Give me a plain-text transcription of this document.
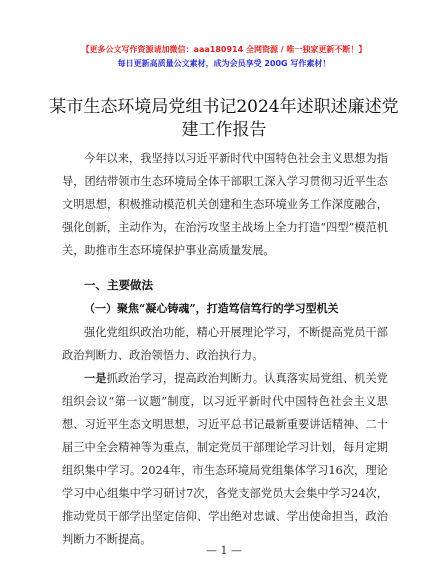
【更多公文写作资源请加微信：aaa180914 全网资源 / 唯一独家更新不断！】
每日更新高质量公文素材，成为会员享受 200G 写作素材！
某市生态环境局党组书记2024年述职述廉述党
建工作报告

今年以来，我坚持以习近平新时代中国特色社会主义思想为指导，团结带领市生态环境局全体干部职工深入学习贯彻习近平生态文明思想，积极推动模范机关创建和生态环境业务工作深度融合，强化创新，主动作为，在治污攻坚主战场上全力打造“四型”模范机关，助推市生态环境保护事业高质量发展。

一、主要做法
（一）聚焦“凝心铸魂”，打造笃信笃行的学习型机关

强化党组织政治功能，精心开展理论学习，不断提高党员干部政治判断力、政治领悟力、政治执行力。

一是抓政治学习，提高政治判断力。认真落实局党组、机关党组织会议“第一议题”制度，以习近平新时代中国特色社会主义思想、习近平生态文明思想，习近平总书记最新重要讲话精神、二十届三中全会精神等为重点，制定党员干部理论学习计划，每月定期组织集中学习。2024年，市生态环境局党组集体学习16次，理论学习中心组集中学习研讨7次，各党支部党员大会集中学习24次，推动党员干部学出坚定信仰、学出绝对忠诚、学出使命担当，政治判断力不断提高。

— 1 —
